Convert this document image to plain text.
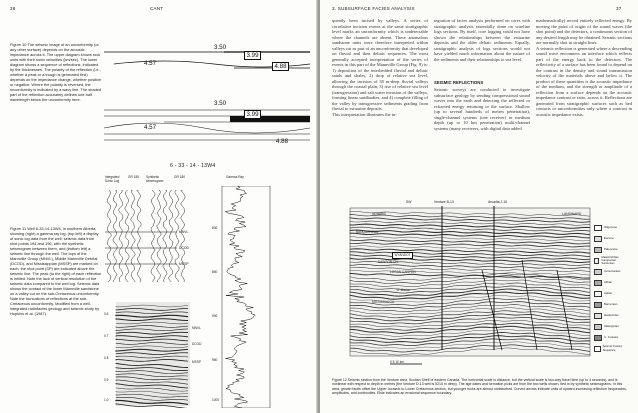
36	CANT

Figure 10 The seismic image of an unconformity (or any other surface) depends on the acoustic impedance across it. The upper diagram shows rock units with their sonic velocities (km/sec). The lower diagram shows a sequence of reflections, indicated by the thicknesses. The polarity of the reflection (i.e., whether a peak or a trough is generated first) depends on the impedance change, whether positive or negative. Where the polarity is reversed, the unconformity is indicated by a wavy line. The shaded part of the reflection accurately defines one-half wavelength below the unconformity here.

3.50
3.99
4.57	4.88
3.50
3.99
4.57
4.88
6 - 33 - 14 - 13W4
Integrated Sonic Log
GR 180	Synthetic seismogram
GR 180	Gamma Ray

Figure 11 Well 6-33-14-13W4, in southern Alberta, showing (right) a gamma ray log, (top left) a display of sonic log data from the well, seismic data from shot points 194 and 196, with the synthetic seismogram between them, and (bottom left) a seismic line through the well. The tops of the Mannville Group (MNVL), Middle Mannville Detrital (DCOD), and Mississippian (MSSP) are marked on each; the shot point (SP) are indicated above the seismic line. The peak (to the right) of each reflection is infilled. Note the lack of vertical resolution of the seismic data compared to the well log. Seismic data shows the contact of the lower Mannville sandstone on a valley cut on the sub-Cretaceous unconformity. Note the truncations of reflections at the sub-Cretaceous unconformity. Modified from a well-integrated radiofacies geology and seismic study by Hopkins et al. (1987).

MNVL
DCOD
MSSP
800
850
900
950
1000
0.6
0.7
0.8
0.9
1.0
MNVL
DCOD
MSSP
3. SUBSURFACE FACIES ANALYSIS	37

quently been incised by valleys. A series of correlative incision events at the same stratigraphic level marks an unconformity which is undetectable where the channels are absent. These anomalous sandstone units were therefore interpreted within valleys cut as part of an unconformity that developed on fluvial and then deltaic sequences. The most generally accepted interpretation of the series of events in this part of the Mannville Group (Fig. 9) is: 1) deposition of the interbedded fluvial and deltaic sands and shales, 2) drop of relative sea level, allowing the incision of 30 m-deep fluvial valleys through the coastal plain, 3) rise of relative sea level (transgression) and salt water invasion of the valleys, forming linear sandbodies, and 4) complete filling of the valley by transgressive sediments grading from fluvial to estuarine deposits.
This interpretation illustrates the in-

tegration of facies analysis performed on cores with stratigraphic analysis essentially done on wireline logs sections. By itself, core logging could not have shown the relationships between the estuarine deposits and the older deltaic sediments. Equally, stratigraphic analysis of logs sections would not have yielded much information about the nature of the sediments and their relationships to sea level.

SEISMIC REFLECTIONS

Seismic surveys are conducted to investigate subsurface geology by sending compressional sound waves into the earth and detecting the reflected or refracted energy returning to the surface. Shallow (up to several hundreds of metres penetration), single-channel systems (one receiver) or medium depth (up to 10 km penetration) multi-channel systems (many receivers, with digital data added

mathematically) record entirely reflected energy. By moving the point of origin of the sound waves (the shot point) and the detectors, a continuous section of any desired length may be obtained. Seismic sections are normally shot in straight lines.
A seismic reflection is generated where a descending sound wave encounters an interface which reflects part of the energy back to the detectors. The reflectivity of a surface has been found to depend on the contrast in the density and sound transmission velocity of the materials above and below it. The product of these quantities is the acoustic impedance of the medium, and the strength or amplitude of a reflection from a surface depends on the acoustic impedance contrast or ratio, across it. Reflections are generated from stratigraphic surfaces such as bed contacts or unconformities only where a contrast in acoustic impedance exists.

SW	Venture B-13	Arcadia J-16
LANDWARD
SEWARD
BANQUEREAU
WYANDOT
DAWSON CN.
LOGAN CANYON
'O' Marker
MISSISSAUGA
0 5 10 km
Oligocene
Eocene
Paleocene
Maastrichtian Campanian Santonian
Cenomanian
Albian
Aptian
Barremian
Hauterivian
Valanginian
U. Jurassic
Seismic Facies Sequence

Figure 12 Seismic section from the Venture area, Scotian Shelf of eastern Canada. The horizontal scale is distance, but the vertical scale is two-way travel time (up to 4 seconds), and is nonlinear with respect to depth in metres (the Venture D-13 well is 5210 m deep). The age dates and formation picks are from the two wells shown, tied in by synthetic seismograms. In this area, growth faults offset the Upper Jurassic to Lower Cretaceous section, but younger rocks are almost undisturbed. Curved arrows indicate units of upward-increasing reflection frequencies, amplitudes, and continuities. Elsie indicates an erosional sequence boundary.
